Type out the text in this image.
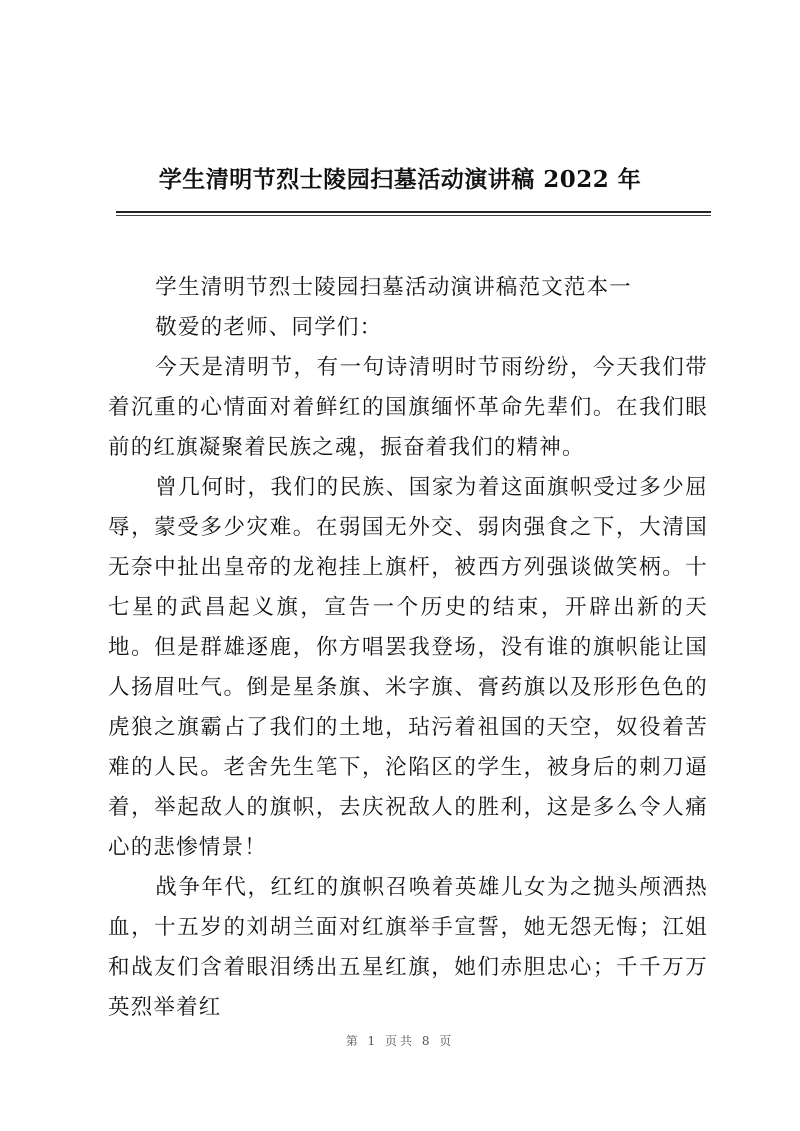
学生清明节烈士陵园扫墓活动演讲稿 2022 年

学生清明节烈士陵园扫墓活动演讲稿范文范本一

敬爱的老师、同学们：

今天是清明节，有一句诗清明时节雨纷纷，今天我们带着沉重的心情面对着鲜红的国旗缅怀革命先辈们。在我们眼前的红旗凝聚着民族之魂，振奋着我们的精神。

曾几何时，我们的民族、国家为着这面旗帜受过多少屈辱，蒙受多少灾难。在弱国无外交、弱肉强食之下，大清国无奈中扯出皇帝的龙袍挂上旗杆，被西方列强谈做笑柄。十七星的武昌起义旗，宣告一个历史的结束，开辟出新的天地。但是群雄逐鹿，你方唱罢我登场，没有谁的旗帜能让国人扬眉吐气。倒是星条旗、米字旗、膏药旗以及形形色色的虎狼之旗霸占了我们的土地，玷污着祖国的天空，奴役着苦难的人民。老舍先生笔下，沦陷区的学生，被身后的刺刀逼着，举起敌人的旗帜，去庆祝敌人的胜利，这是多么令人痛心的悲惨情景！

战争年代，红红的旗帜召唤着英雄儿女为之抛头颅洒热血，十五岁的刘胡兰面对红旗举手宣誓，她无怨无悔；江姐和战友们含着眼泪绣出五星红旗，她们赤胆忠心；千千万万英烈举着红

第 1 页共 8 页
